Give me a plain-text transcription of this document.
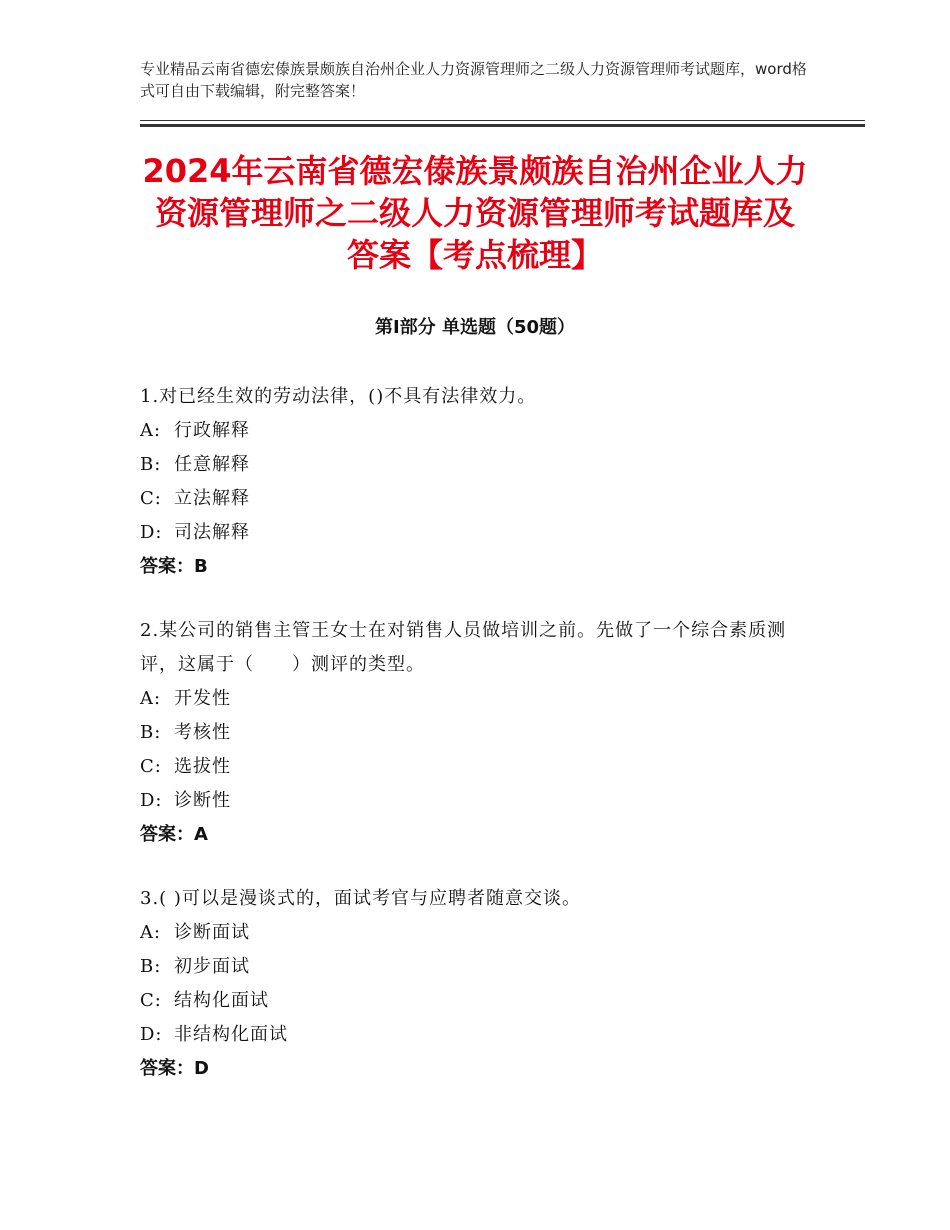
专业精品云南省德宏傣族景颇族自治州企业人力资源管理师之二级人力资源管理师考试题库，word格式可自由下载编辑，附完整答案！
2024年云南省德宏傣族景颇族自治州企业人力资源管理师之二级人力资源管理师考试题库及答案【考点梳理】
第Ⅰ部分 单选题（50题）

1.对已经生效的劳动法律，()不具有法律效力。

A: 行政解释

B: 任意解释

C: 立法解释

D: 司法解释

答案：B

2.某公司的销售主管王女士在对销售人员做培训之前。先做了一个综合素质测评，这属于（　　）测评的类型。

A: 开发性

B: 考核性

C: 选拔性

D: 诊断性

答案：A

3.( )可以是漫谈式的，面试考官与应聘者随意交谈。

A: 诊断面试

B: 初步面试

C: 结构化面试

D: 非结构化面试

答案：D
